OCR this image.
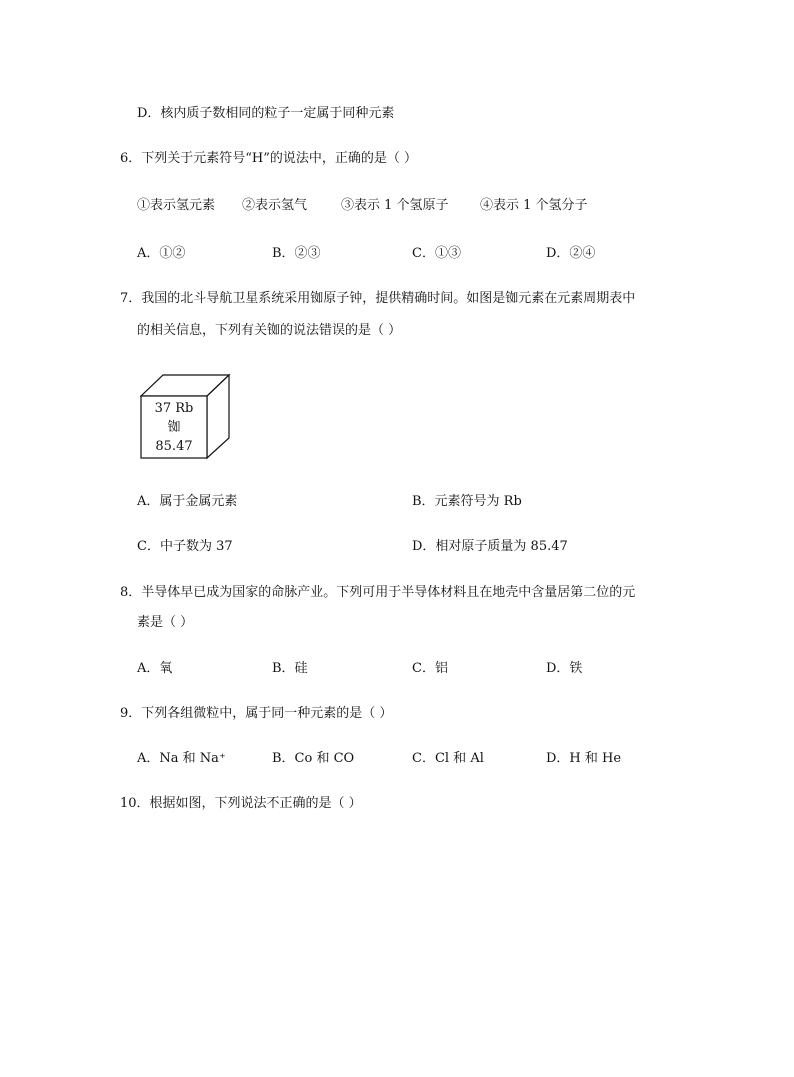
D．核内质子数相同的粒子一定属于同种元素
6．下列关于元素符号“H”的说法中，正确的是（ ）
①表示氢元素 ②表示氢气	③表示 1 个氢原子 ④表示 1 个氢分子
A．①②	B．②③	C．①③	D．②④
7．我国的北斗导航卫星系统采用铷原子钟，提供精确时间。如图是铷元素在元素周期表中
的相关信息，下列有关铷的说法错误的是（ ）
37 Rb
铷
85.47
A．属于金属元素	B．元素符号为 Rb
C．中子数为 37	D．相对原子质量为 85.47
8．半导体早已成为国家的命脉产业。下列可用于半导体材料且在地壳中含量居第二位的元
素是（ ）
A．氧	B．硅	C．铝	D．铁
9．下列各组微粒中，属于同一种元素的是（ ）
A．Na 和 Na⁺	B．Co 和 CO	C．Cl 和 Al	D．H 和 He
10．根据如图，下列说法不正确的是（ ）
